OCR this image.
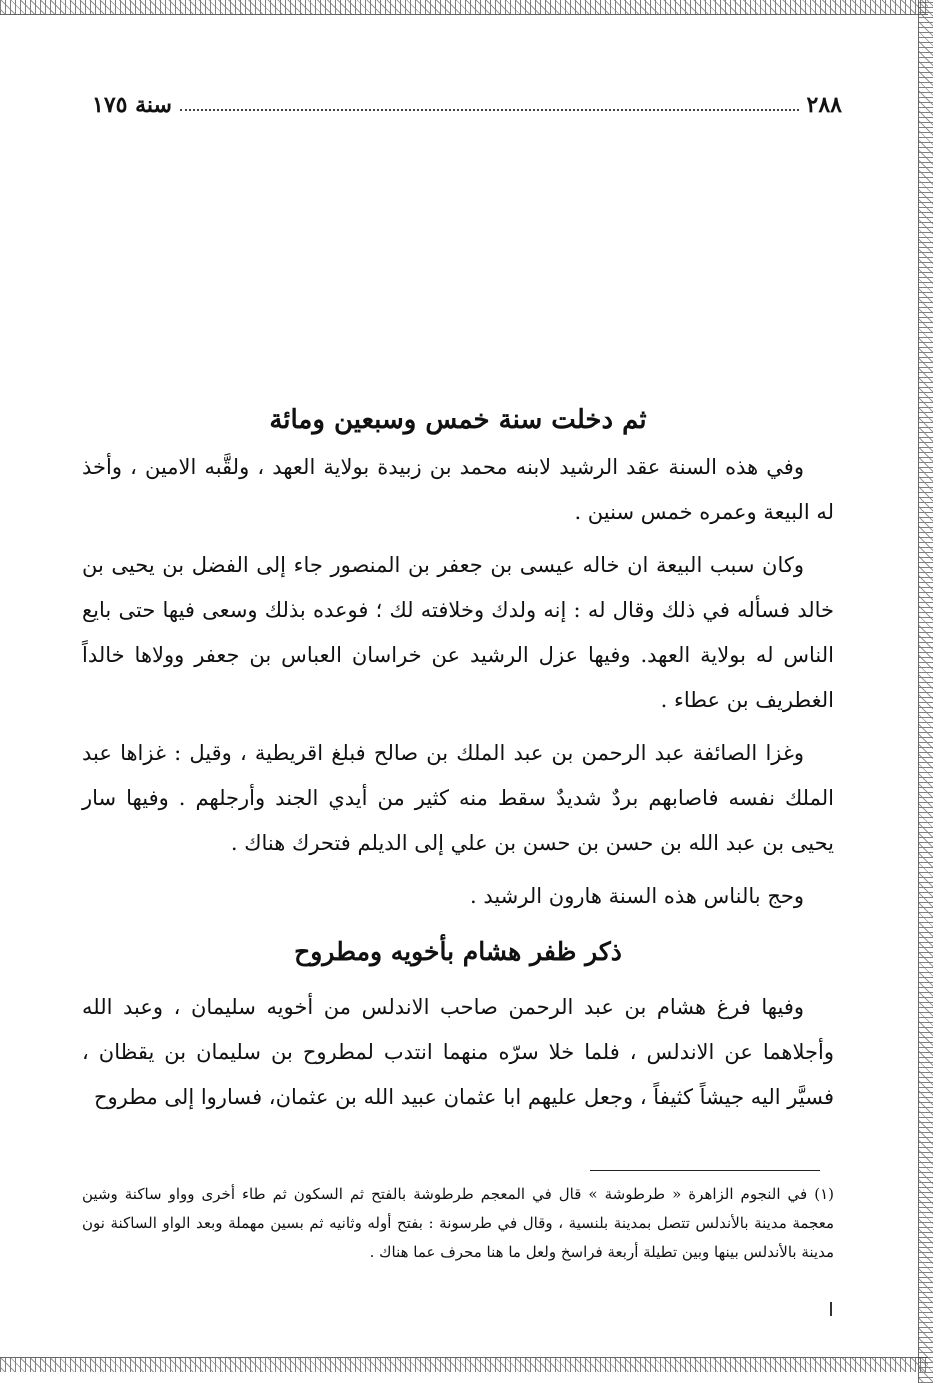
٢٨٨
سنة ١٧٥
ثم دخلت سنة خمس وسبعين ومائة

وفي هذه السنة عقد الرشيد لابنه محمد بن زبيدة بولاية العهد ، ولقَّبه الامين ، وأخذ له البيعة وعمره خمس سنين .

وكان سبب البيعة ان خاله عيسى بن جعفر بن المنصور جاء إلى الفضل بن يحيى بن خالد فسأله في ذلك وقال له : إنه ولدك وخلافته لك ؛ فوعده بذلك وسعى فيها حتى بايع الناس له بولاية العهد. وفيها عزل الرشيد عن خراسان العباس بن جعفر وولاها خالداً الغطريف بن عطاء .

وغزا الصائفة عبد الرحمن بن عبد الملك بن صالح فبلغ اقريطية ، وقيل : غزاها عبد الملك نفسه فاصابهم بردٌ شديدٌ سقط منه كثير من أيدي الجند وأرجلهم . وفيها سار يحيى بن عبد الله بن حسن بن حسن بن علي إلى الديلم فتحرك هناك .

وحج بالناس هذه السنة هارون الرشيد .

ذكر ظفر هشام بأخويه ومطروح

وفيها فرغ هشام بن عبد الرحمن صاحب الاندلس من أخويه سليمان ، وعبد الله وأجلاهما عن الاندلس ، فلما خلا سرّه منهما انتدب لمطروح بن سليمان بن يقظان ، فسيَّر اليه جيشاً كثيفاً ، وجعل عليهم ابا عثمان عبيد الله بن عثمان، فساروا إلى مطروح

(١) في النجوم الزاهرة « طرطوشة » قال في المعجم طرطوشة بالفتح ثم السكون ثم طاء أخرى وواو ساكنة وشين معجمة مدينة بالأندلس تتصل بمدينة بلنسية ، وقال في طرسونة : بفتح أوله وثانيه ثم بسين مهملة وبعد الواو الساكنة نون مدينة بالأندلس بينها وبين تطيلة أربعة فراسخ ولعل ما هنا محرف عما هناك .
